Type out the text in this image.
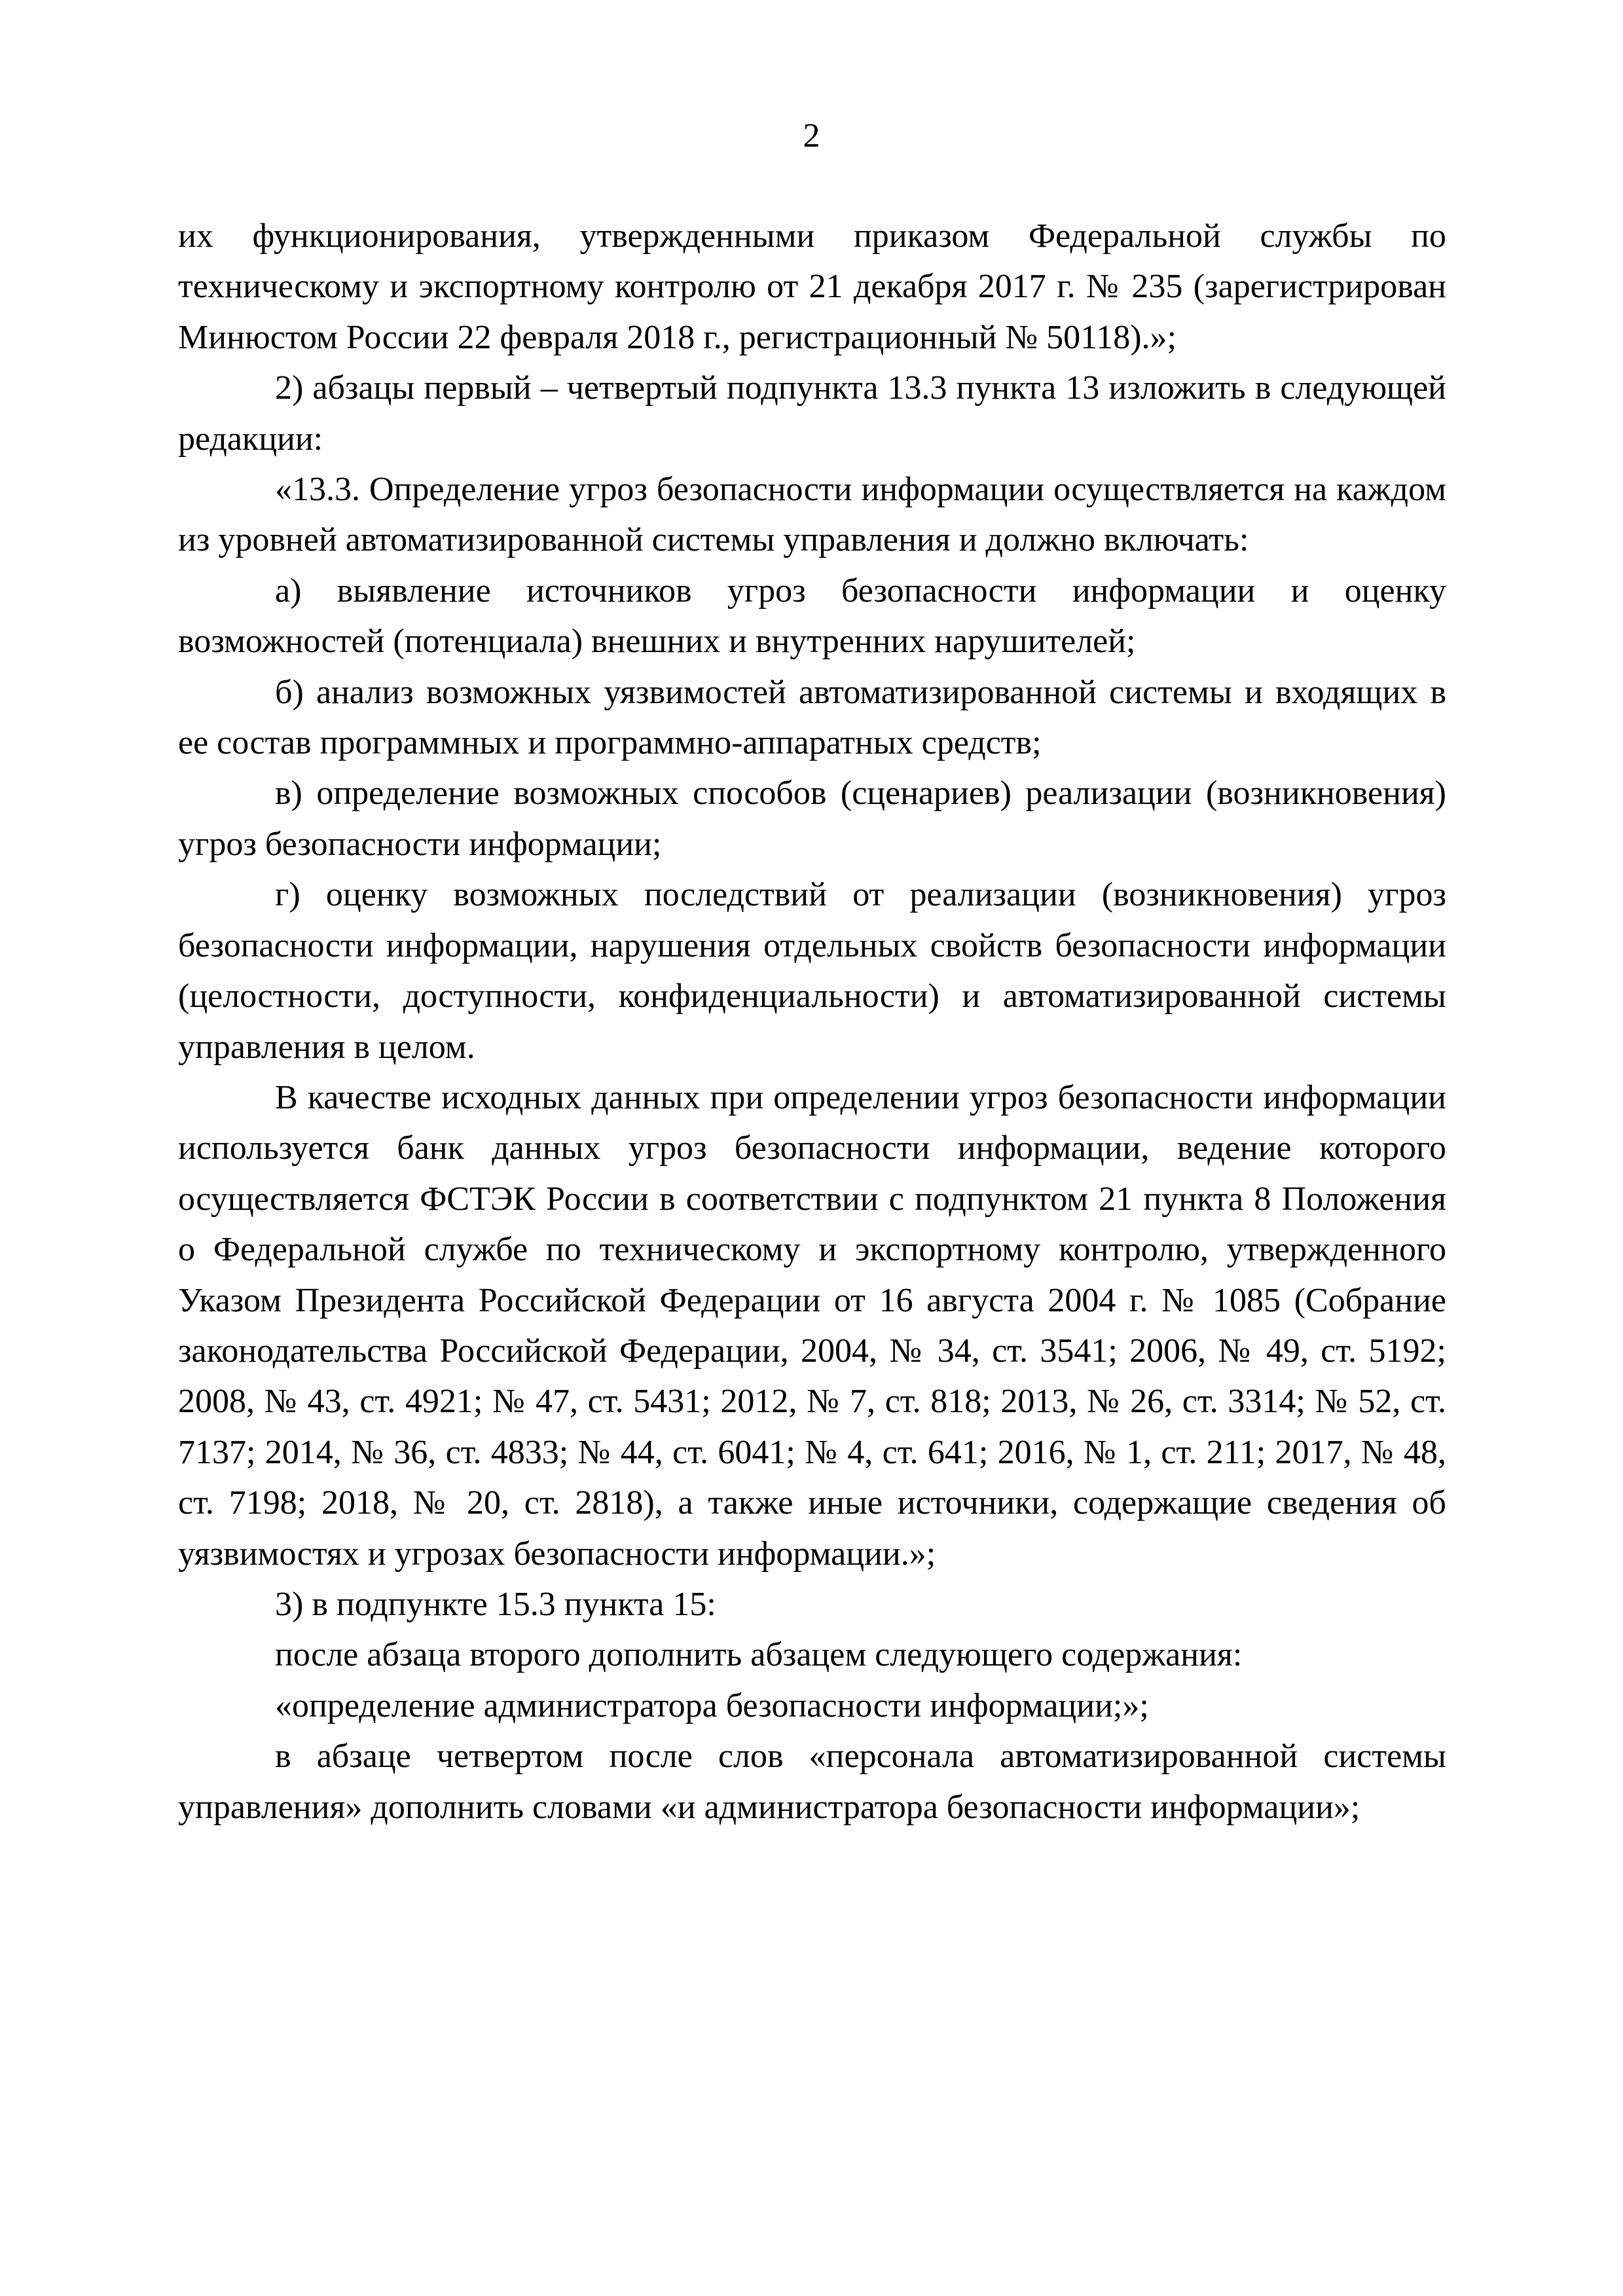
2

их функционирования, утвержденными приказом Федеральной службы по техническому и экспортному контролю от 21 декабря 2017 г. № 235 (зарегистрирован Минюстом России 22 февраля 2018 г., регистрационный № 50118).»;

2) абзацы первый – четвертый подпункта 13.3 пункта 13 изложить в следующей редакции:

«13.3. Определение угроз безопасности информации осуществляется на каждом из уровней автоматизированной системы управления и должно включать:

а) выявление источников угроз безопасности информации и оценку возможностей (потенциала) внешних и внутренних нарушителей;

б) анализ возможных уязвимостей автоматизированной системы и входящих в ее состав программных и программно-аппаратных средств;

в) определение возможных способов (сценариев) реализации (возникновения) угроз безопасности информации;

г) оценку возможных последствий от реализации (возникновения) угроз безопасности информации, нарушения отдельных свойств безопасности информации (целостности, доступности, конфиденциальности) и автоматизированной системы управления в целом.

В качестве исходных данных при определении угроз безопасности информации используется банк данных угроз безопасности информации, ведение которого осуществляется ФСТЭК России в соответствии с подпунктом 21 пункта 8 Положения о Федеральной службе по техническому и экспортному контролю, утвержденного Указом Президента Российской Федерации от 16 августа 2004 г. № 1085 (Собрание законодательства Российской Федерации, 2004, № 34, ст. 3541; 2006, № 49, ст. 5192; 2008, № 43, ст. 4921; № 47, ст. 5431; 2012, № 7, ст. 818; 2013, № 26, ст. 3314; № 52, ст. 7137; 2014, № 36, ст. 4833; № 44, ст. 6041; № 4, ст. 641; 2016, № 1, ст. 211; 2017, № 48, ст. 7198; 2018, № 20, ст. 2818), а также иные источники, содержащие сведения об уязвимостях и угрозах безопасности информации.»;

3) в подпункте 15.3 пункта 15:

после абзаца второго дополнить абзацем следующего содержания:

«определение администратора безопасности информации;»;

в абзаце четвертом после слов «персонала автоматизированной системы управления» дополнить словами «и администратора безопасности информации»;
